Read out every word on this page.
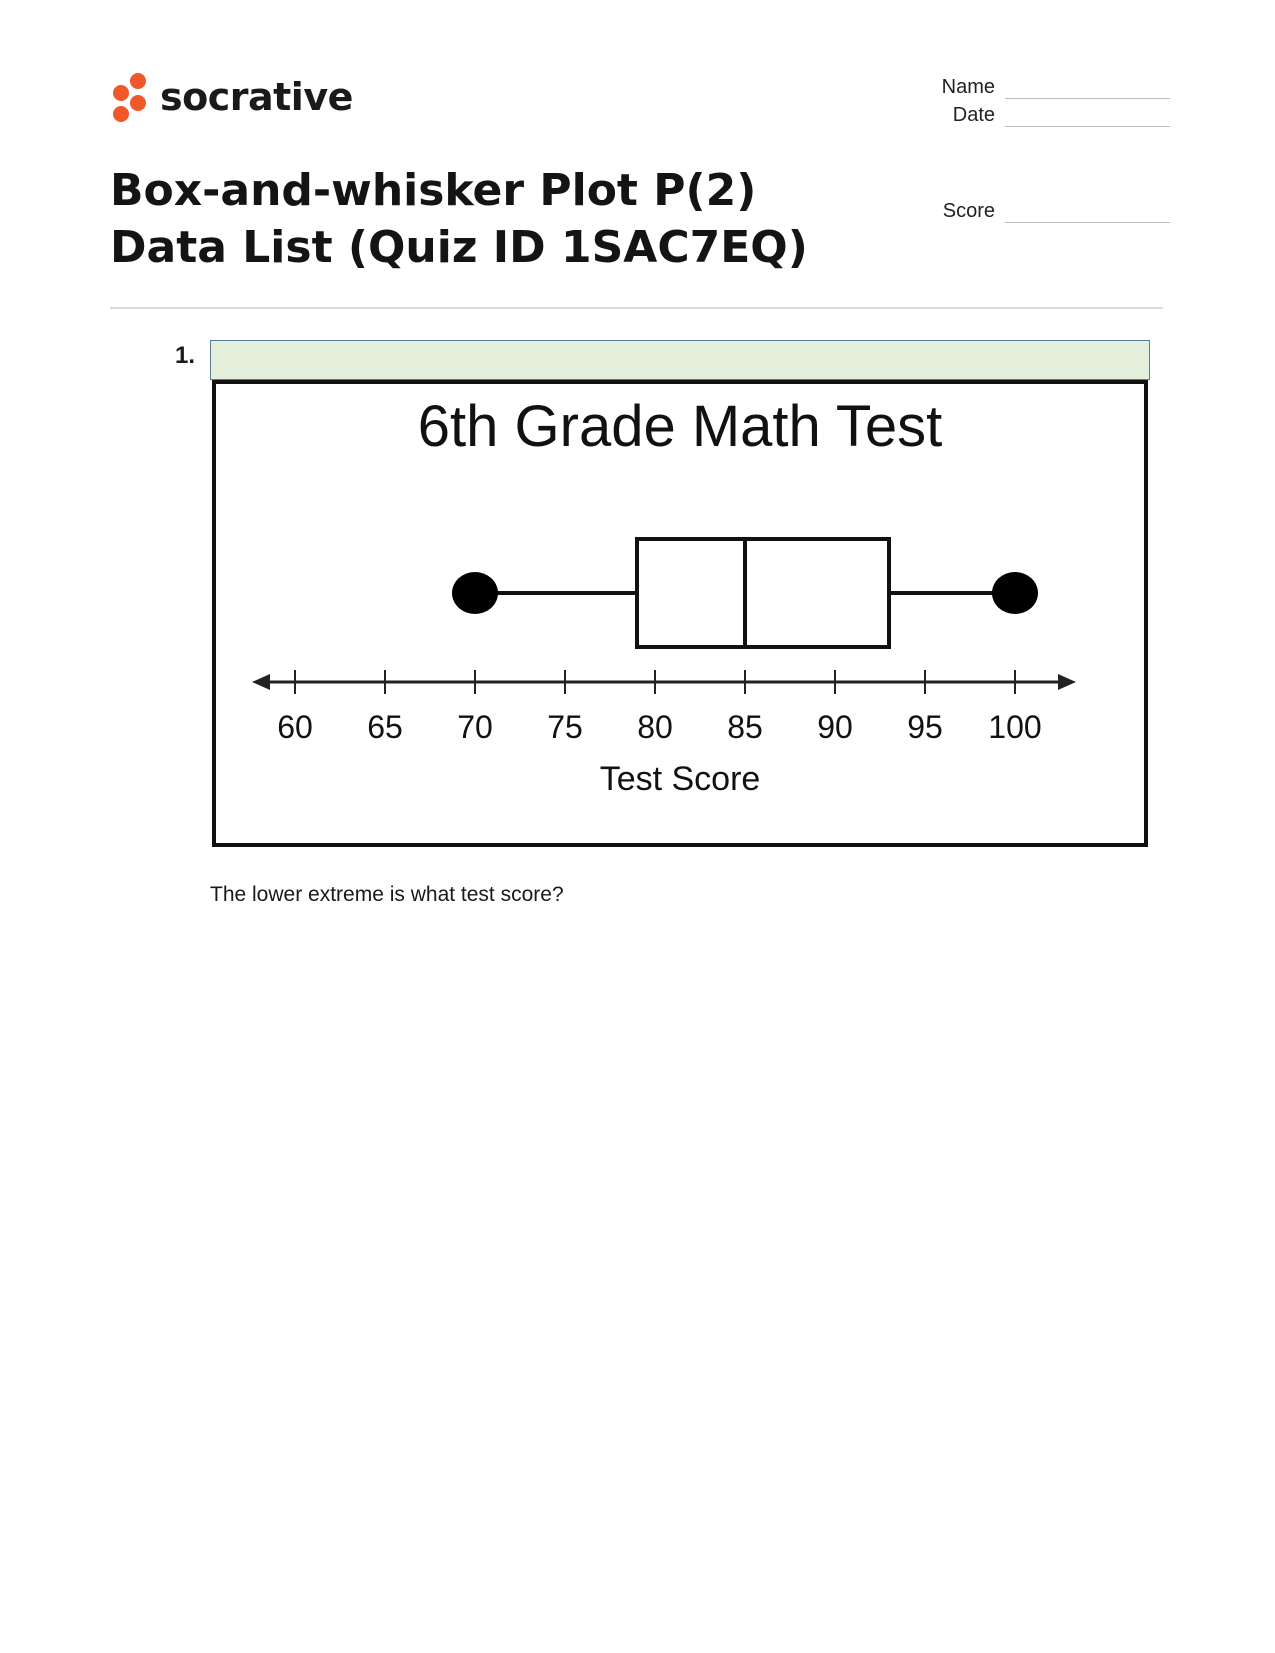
socrative	Name
Date
Score
Box-and-whisker Plot P(2) Data List (Quiz ID 1SAC7EQ)
1.
6th Grade Math Test
60 65 70 75 80 85 90 95 100
Test Score

The lower extreme is what test score?
